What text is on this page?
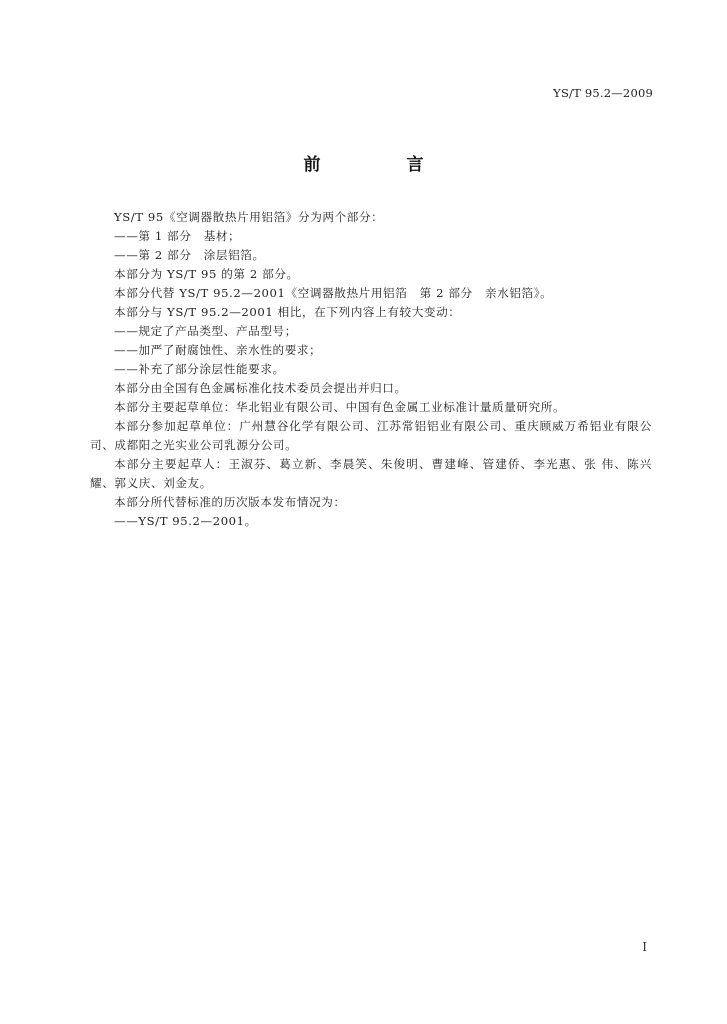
YS/T 95.2—2009
前 言

YS/T 95《空调器散热片用铝箔》分为两个部分：

——第 1 部分　基材；

——第 2 部分　涂层铝箔。

本部分为 YS/T 95 的第 2 部分。

本部分代替 YS/T 95.2—2001《空调器散热片用铝箔　第 2 部分　亲水铝箔》。

本部分与 YS/T 95.2—2001 相比，在下列内容上有较大变动：

——规定了产品类型、产品型号；

——加严了耐腐蚀性、亲水性的要求；

——补充了部分涂层性能要求。

本部分由全国有色金属标准化技术委员会提出并归口。

本部分主要起草单位：华北铝业有限公司、中国有色金属工业标准计量质量研究所。

本部分参加起草单位：广州慧谷化学有限公司、江苏常铝铝业有限公司、重庆顾威万希铝业有限公司、成都阳之光实业公司乳源分公司。

本部分主要起草人：王淑芬、葛立新、李晨笑、朱俊明、曹建峰、管建侨、李光惠、张 伟、陈兴耀、郭义庆、刘金友。

本部分所代替标准的历次版本发布情况为：

——YS/T 95.2—2001。

I
